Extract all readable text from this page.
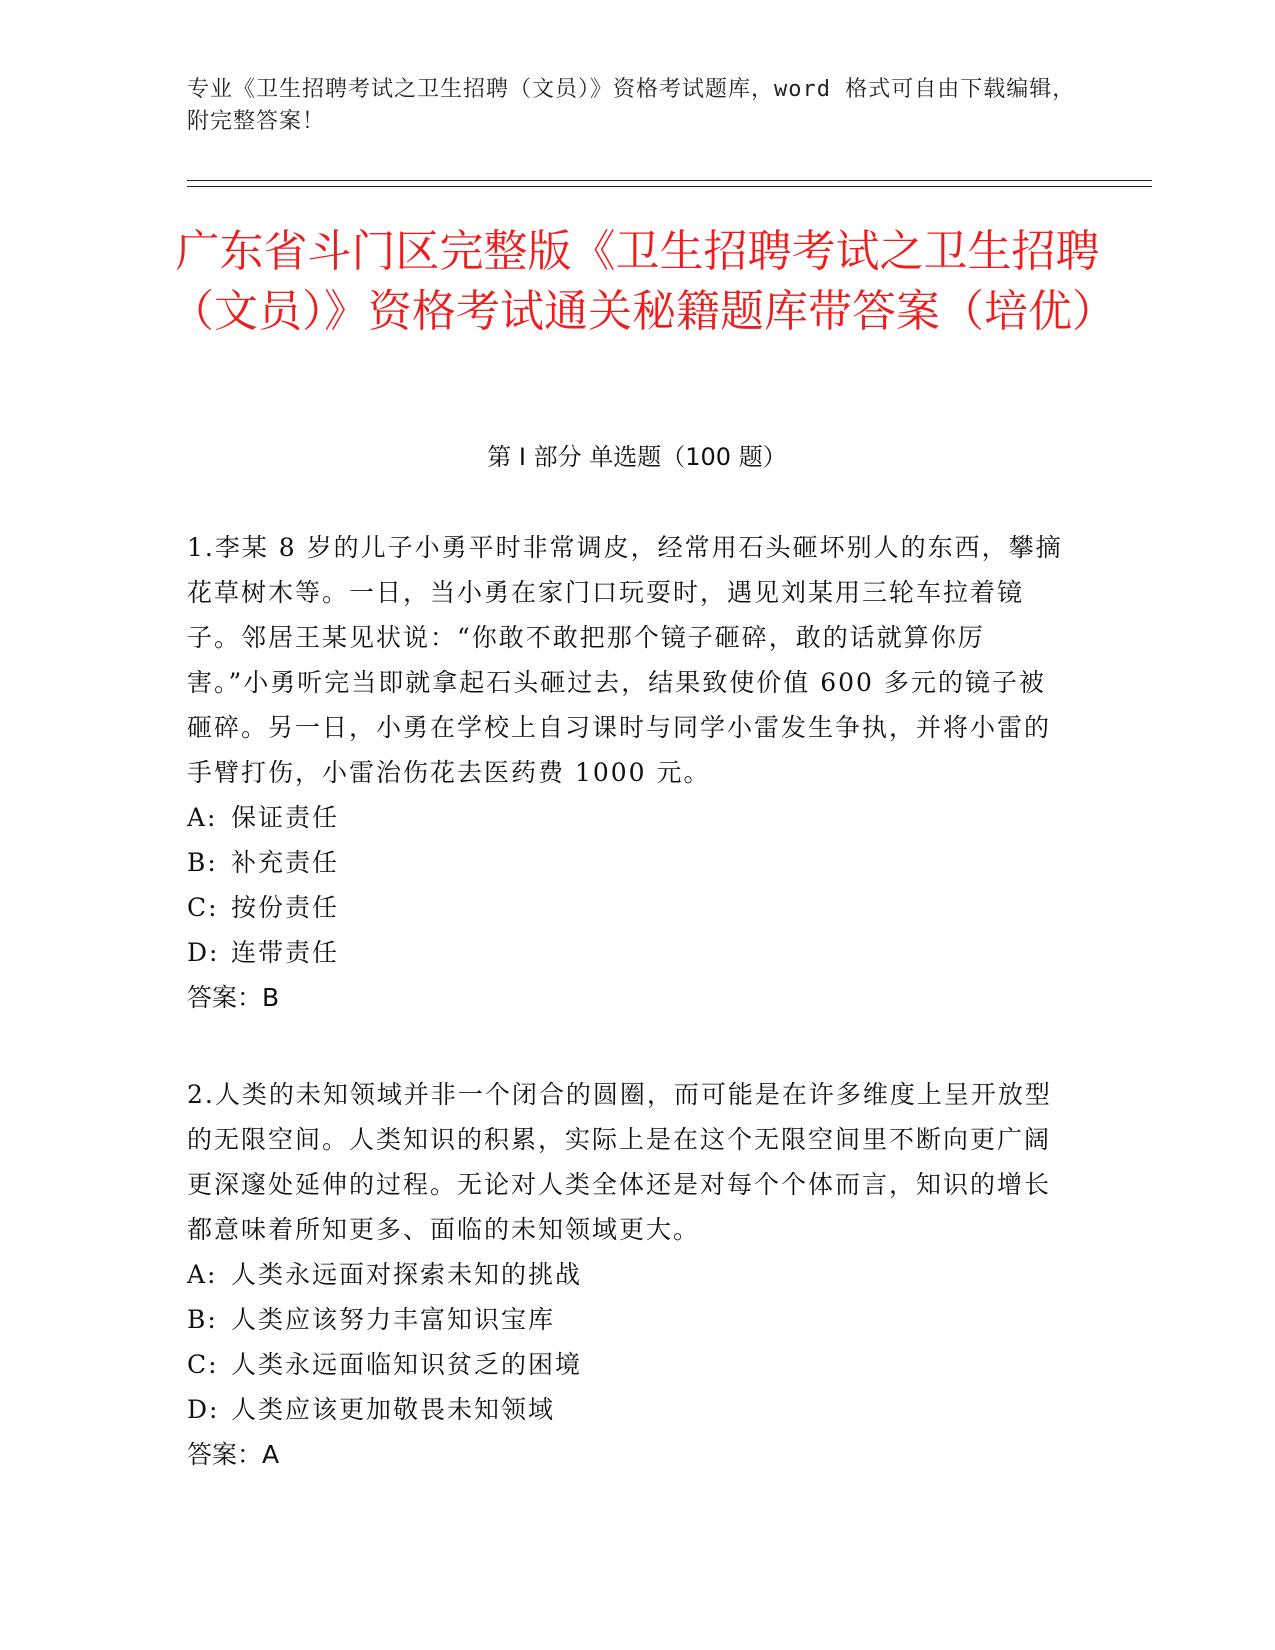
专业《卫生招聘考试之卫生招聘（文员）》资格考试题库，word 格式可自由下载编辑，附完整答案！
广东省斗门区完整版《卫生招聘考试之卫生招聘（文员）》资格考试通关秘籍题库带答案（培优）
第 I 部分 单选题（100 题）

1.李某 8 岁的儿子小勇平时非常调皮，经常用石头砸坏别人的东西，攀摘花草树木等。一日，当小勇在家门口玩耍时，遇见刘某用三轮车拉着镜子。邻居王某见状说：“你敢不敢把那个镜子砸碎，敢的话就算你厉害。”小勇听完当即就拿起石头砸过去，结果致使价值 600 多元的镜子被砸碎。另一日，小勇在学校上自习课时与同学小雷发生争执，并将小雷的手臂打伤，小雷治伤花去医药费 1000 元。

A: 保证责任
B: 补充责任
C: 按份责任
D: 连带责任
答案：B

2.人类的未知领域并非一个闭合的圆圈，而可能是在许多维度上呈开放型的无限空间。人类知识的积累，实际上是在这个无限空间里不断向更广阔更深邃处延伸的过程。无论对人类全体还是对每个个体而言，知识的增长都意味着所知更多、面临的未知领域更大。

A: 人类永远面对探索未知的挑战
B: 人类应该努力丰富知识宝库
C: 人类永远面临知识贫乏的困境
D: 人类应该更加敬畏未知领域
答案：A
